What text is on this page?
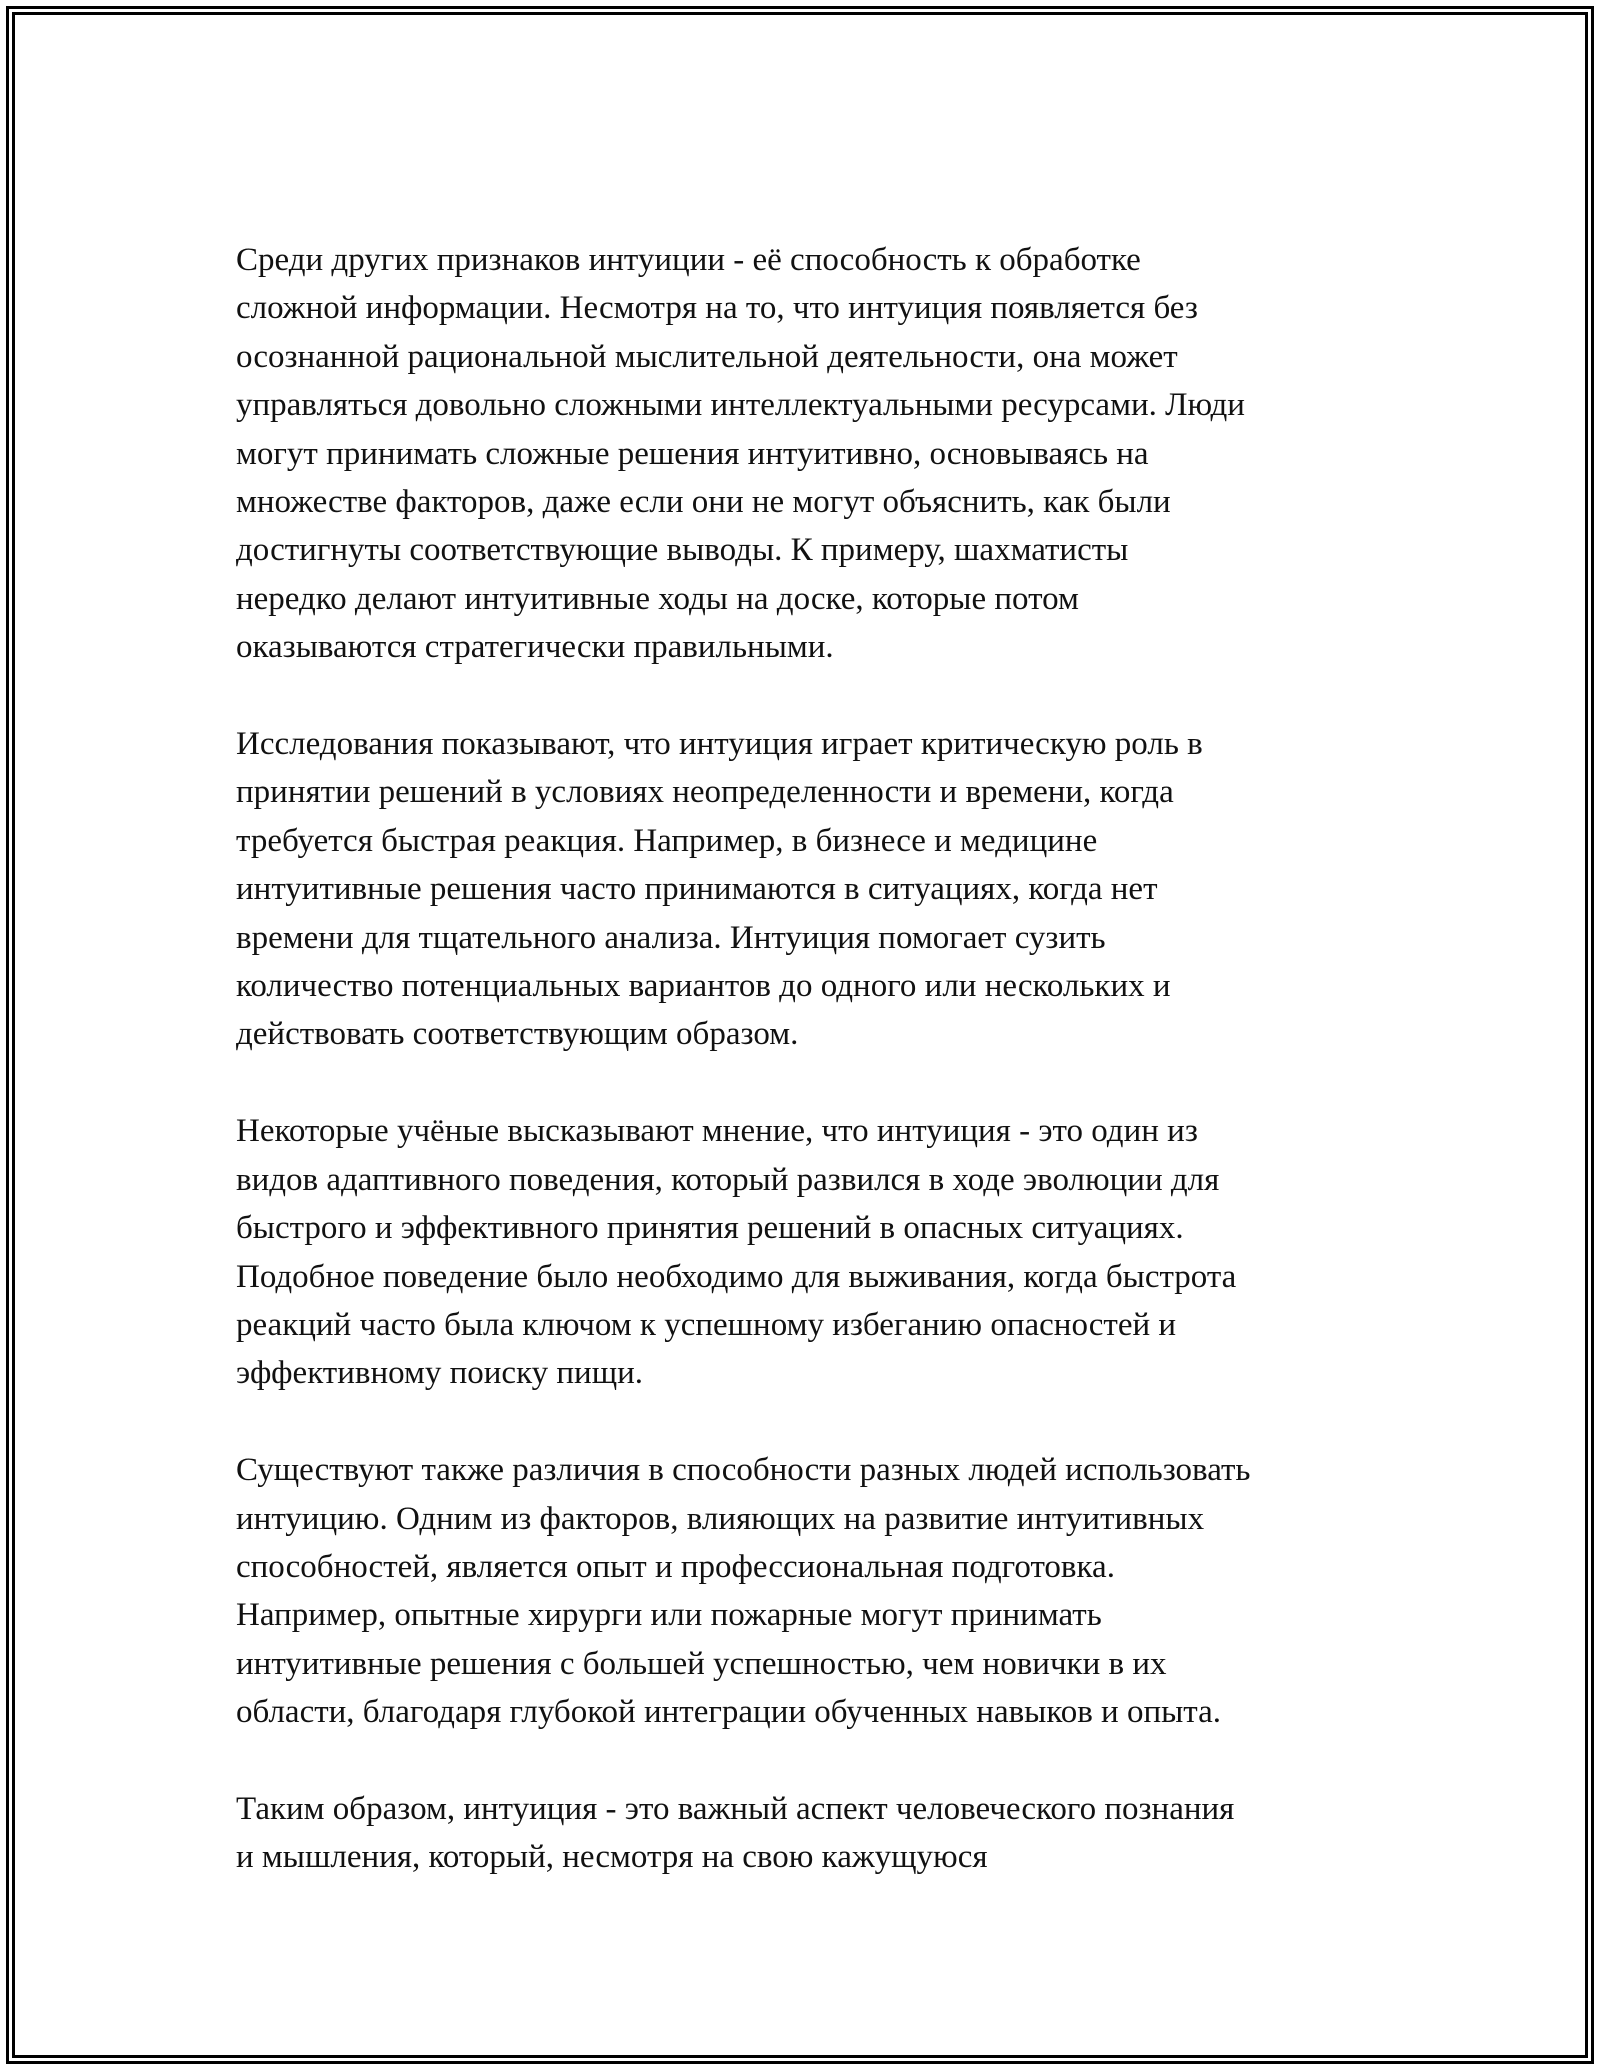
Среди других признаков интуиции - её способность к обработке
сложной информации. Несмотря на то, что интуиция появляется без
осознанной рациональной мыслительной деятельности, она может
управляться довольно сложными интеллектуальными ресурсами. Люди
могут принимать сложные решения интуитивно, основываясь на
множестве факторов, даже если они не могут объяснить, как были
достигнуты соответствующие выводы. К примеру, шахматисты
нередко делают интуитивные ходы на доске, которые потом
оказываются стратегически правильными.

Исследования показывают, что интуиция играет критическую роль в
принятии решений в условиях неопределенности и времени, когда
требуется быстрая реакция. Например, в бизнесе и медицине
интуитивные решения часто принимаются в ситуациях, когда нет
времени для тщательного анализа. Интуиция помогает сузить
количество потенциальных вариантов до одного или нескольких и
действовать соответствующим образом.

Некоторые учёные высказывают мнение, что интуиция - это один из
видов адаптивного поведения, который развился в ходе эволюции для
быстрого и эффективного принятия решений в опасных ситуациях.
Подобное поведение было необходимо для выживания, когда быстрота
реакций часто была ключом к успешному избеганию опасностей и
эффективному поиску пищи.

Существуют также различия в способности разных людей использовать
интуицию. Одним из факторов, влияющих на развитие интуитивных
способностей, является опыт и профессиональная подготовка.
Например, опытные хирурги или пожарные могут принимать
интуитивные решения с большей успешностью, чем новички в их
области, благодаря глубокой интеграции обученных навыков и опыта.

Таким образом, интуиция - это важный аспект человеческого познания
и мышления, который, несмотря на свою кажущуюся
